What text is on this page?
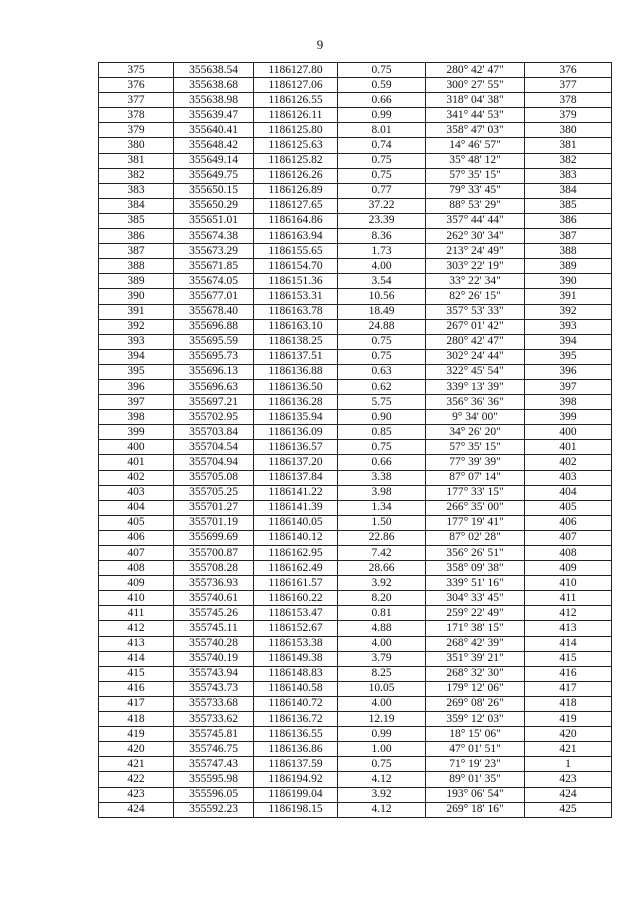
9
375	355638.54	1186127.80	0.75	280° 42' 47"	376
376	355638.68	1186127.06	0.59	300° 27' 55"	377
377	355638.98	1186126.55	0.66	318° 04' 38"	378
378	355639.47	1186126.11	0.99	341° 44' 53"	379
379	355640.41	1186125.80	8.01	358° 47' 03"	380
380	355648.42	1186125.63	0.74	14° 46' 57"	381
381	355649.14	1186125.82	0.75	35° 48' 12"	382
382	355649.75	1186126.26	0.75	57° 35' 15"	383
383	355650.15	1186126.89	0.77	79° 33' 45"	384
384	355650.29	1186127.65	37.22	88° 53' 29"	385
385	355651.01	1186164.86	23.39	357° 44' 44"	386
386	355674.38	1186163.94	8.36	262° 30' 34"	387
387	355673.29	1186155.65	1.73	213° 24' 49"	388
388	355671.85	1186154.70	4.00	303° 22' 19"	389
389	355674.05	1186151.36	3.54	33° 22' 34"	390
390	355677.01	1186153.31	10.56	82° 26' 15"	391
391	355678.40	1186163.78	18.49	357° 53' 33"	392
392	355696.88	1186163.10	24.88	267° 01' 42"	393
393	355695.59	1186138.25	0.75	280° 42' 47"	394
394	355695.73	1186137.51	0.75	302° 24' 44"	395
395	355696.13	1186136.88	0.63	322° 45' 54"	396
396	355696.63	1186136.50	0.62	339° 13' 39"	397
397	355697.21	1186136.28	5.75	356° 36' 36"	398
398	355702.95	1186135.94	0.90	9° 34' 00"	399
399	355703.84	1186136.09	0.85	34° 26' 20"	400
400	355704.54	1186136.57	0.75	57° 35' 15"	401
401	355704.94	1186137.20	0.66	77° 39' 39"	402
402	355705.08	1186137.84	3.38	87° 07' 14"	403
403	355705.25	1186141.22	3.98	177° 33' 15"	404
404	355701.27	1186141.39	1.34	266° 35' 00"	405
405	355701.19	1186140.05	1.50	177° 19' 41"	406
406	355699.69	1186140.12	22.86	87° 02' 28"	407
407	355700.87	1186162.95	7.42	356° 26' 51"	408
408	355708.28	1186162.49	28.66	358° 09' 38"	409
409	355736.93	1186161.57	3.92	339° 51' 16"	410
410	355740.61	1186160.22	8.20	304° 33' 45"	411
411	355745.26	1186153.47	0.81	259° 22' 49"	412
412	355745.11	1186152.67	4.88	171° 38' 15"	413
413	355740.28	1186153.38	4.00	268° 42' 39"	414
414	355740.19	1186149.38	3.79	351° 39' 21"	415
415	355743.94	1186148.83	8.25	268° 32' 30"	416
416	355743.73	1186140.58	10.05	179° 12' 06"	417
417	355733.68	1186140.72	4.00	269° 08' 26"	418
418	355733.62	1186136.72	12.19	359° 12' 03"	419
419	355745.81	1186136.55	0.99	18° 15' 06"	420
420	355746.75	1186136.86	1.00	47° 01' 51"	421
421	355747.43	1186137.59	0.75	71° 19' 23"	1
422	355595.98	1186194.92	4.12	89° 01' 35"	423
423	355596.05	1186199.04	3.92	193° 06' 54"	424
424	355592.23	1186198.15	4.12	269° 18' 16"	425
